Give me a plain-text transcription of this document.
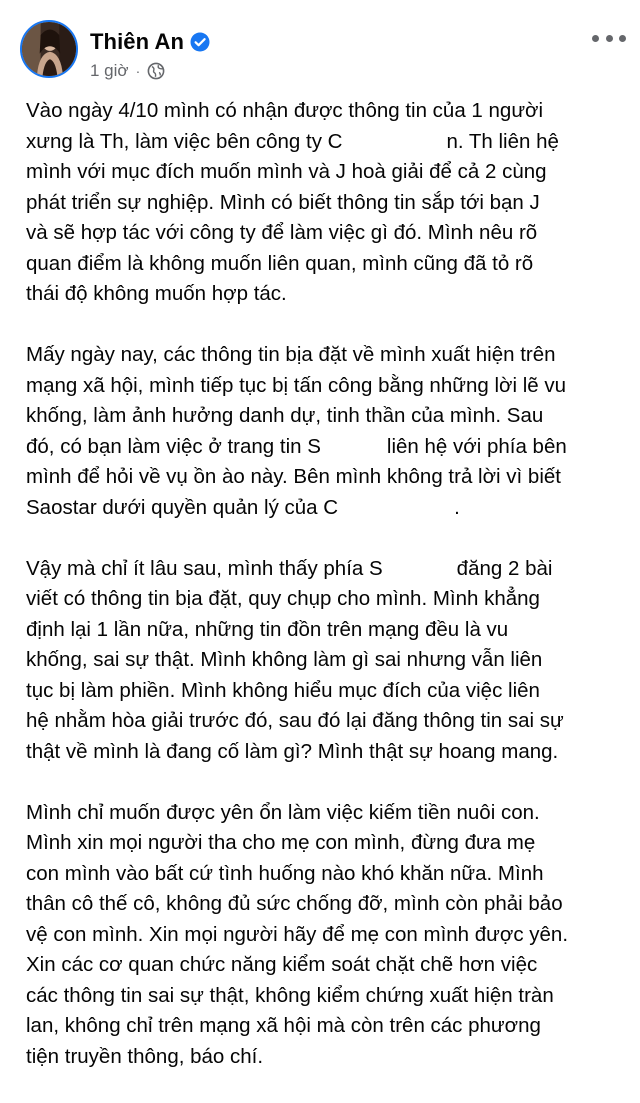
Thiên An
1 giờ ·
Vào ngày 4/10 mình có nhận được thông tin của 1 người
xưng là Th, làm việc bên công ty C	n. Th liên hệ
mình với mục đích muốn mình và J hoà giải để cả 2 cùng
phát triển sự nghiệp. Mình có biết thông tin sắp tới bạn J
và sẽ hợp tác với công ty để làm việc gì đó. Mình nêu rõ
quan điểm là không muốn liên quan, mình cũng đã tỏ rõ
thái độ không muốn hợp tác.
Mấy ngày nay, các thông tin bịa đặt về mình xuất hiện trên
mạng xã hội, mình tiếp tục bị tấn công bằng những lời lẽ vu
khống, làm ảnh hưởng danh dự, tinh thần của mình. Sau
đó, có bạn làm việc ở trang tin S	liên hệ với phía bên
mình để hỏi về vụ ồn ào này. Bên mình không trả lời vì biết
Saostar dưới quyền quản lý của C	.
Vậy mà chỉ ít lâu sau, mình thấy phía S	đăng 2 bài
viết có thông tin bịa đặt, quy chụp cho mình. Mình khẳng
định lại 1 lần nữa, những tin đồn trên mạng đều là vu
khống, sai sự thật. Mình không làm gì sai nhưng vẫn liên
tục bị làm phiền. Mình không hiểu mục đích của việc liên
hệ nhằm hòa giải trước đó, sau đó lại đăng thông tin sai sự
thật về mình là đang cố làm gì? Mình thật sự hoang mang.
Mình chỉ muốn được yên ổn làm việc kiếm tiền nuôi con.
Mình xin mọi người tha cho mẹ con mình, đừng đưa mẹ
con mình vào bất cứ tình huống nào khó khăn nữa. Mình
thân cô thế cô, không đủ sức chống đỡ, mình còn phải bảo
vệ con mình. Xin mọi người hãy để mẹ con mình được yên.
Xin các cơ quan chức năng kiểm soát chặt chẽ hơn việc
các thông tin sai sự thật, không kiểm chứng xuất hiện tràn
lan, không chỉ trên mạng xã hội mà còn trên các phương
tiện truyền thông, báo chí.
